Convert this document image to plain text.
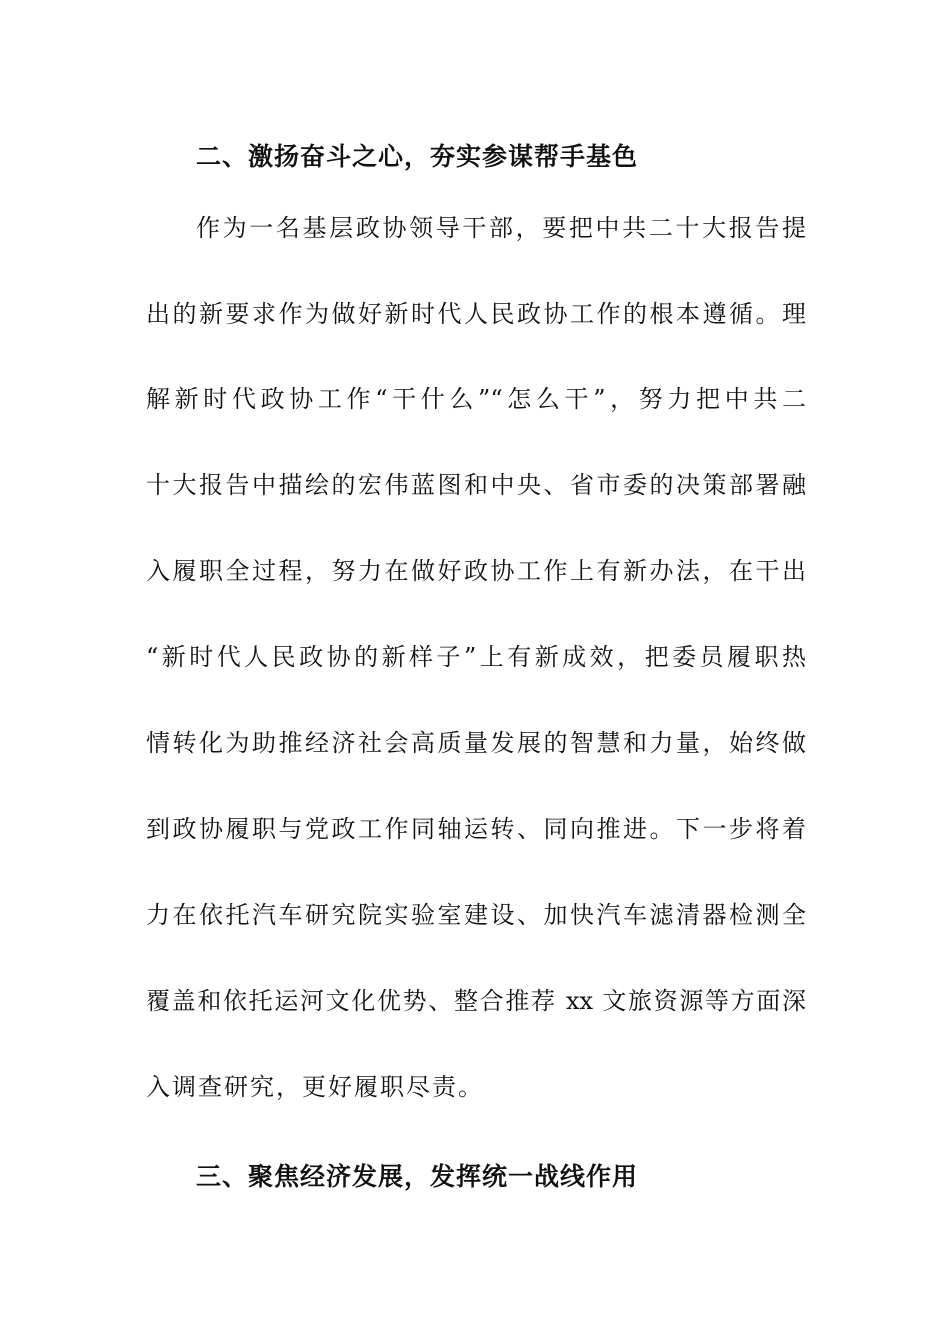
二、激扬奋斗之心，夯实参谋帮手基色
作为一名基层政协领导干部，要把中共二十大报告提
出的新要求作为做好新时代人民政协工作的根本遵循。理
解新时代政协工作“干什么”“怎么干”，努力把中共二
十大报告中描绘的宏伟蓝图和中央、省市委的决策部署融
入履职全过程，努力在做好政协工作上有新办法，在干出
“新时代人民政协的新样子”上有新成效，把委员履职热
情转化为助推经济社会高质量发展的智慧和力量，始终做
到政协履职与党政工作同轴运转、同向推进。下一步将着
力在依托汽车研究院实验室建设、加快汽车滤清器检测全
覆盖和依托运河文化优势、整合推荐 xx 文旅资源等方面深
入调查研究，更好履职尽责。
三、聚焦经济发展，发挥统一战线作用
